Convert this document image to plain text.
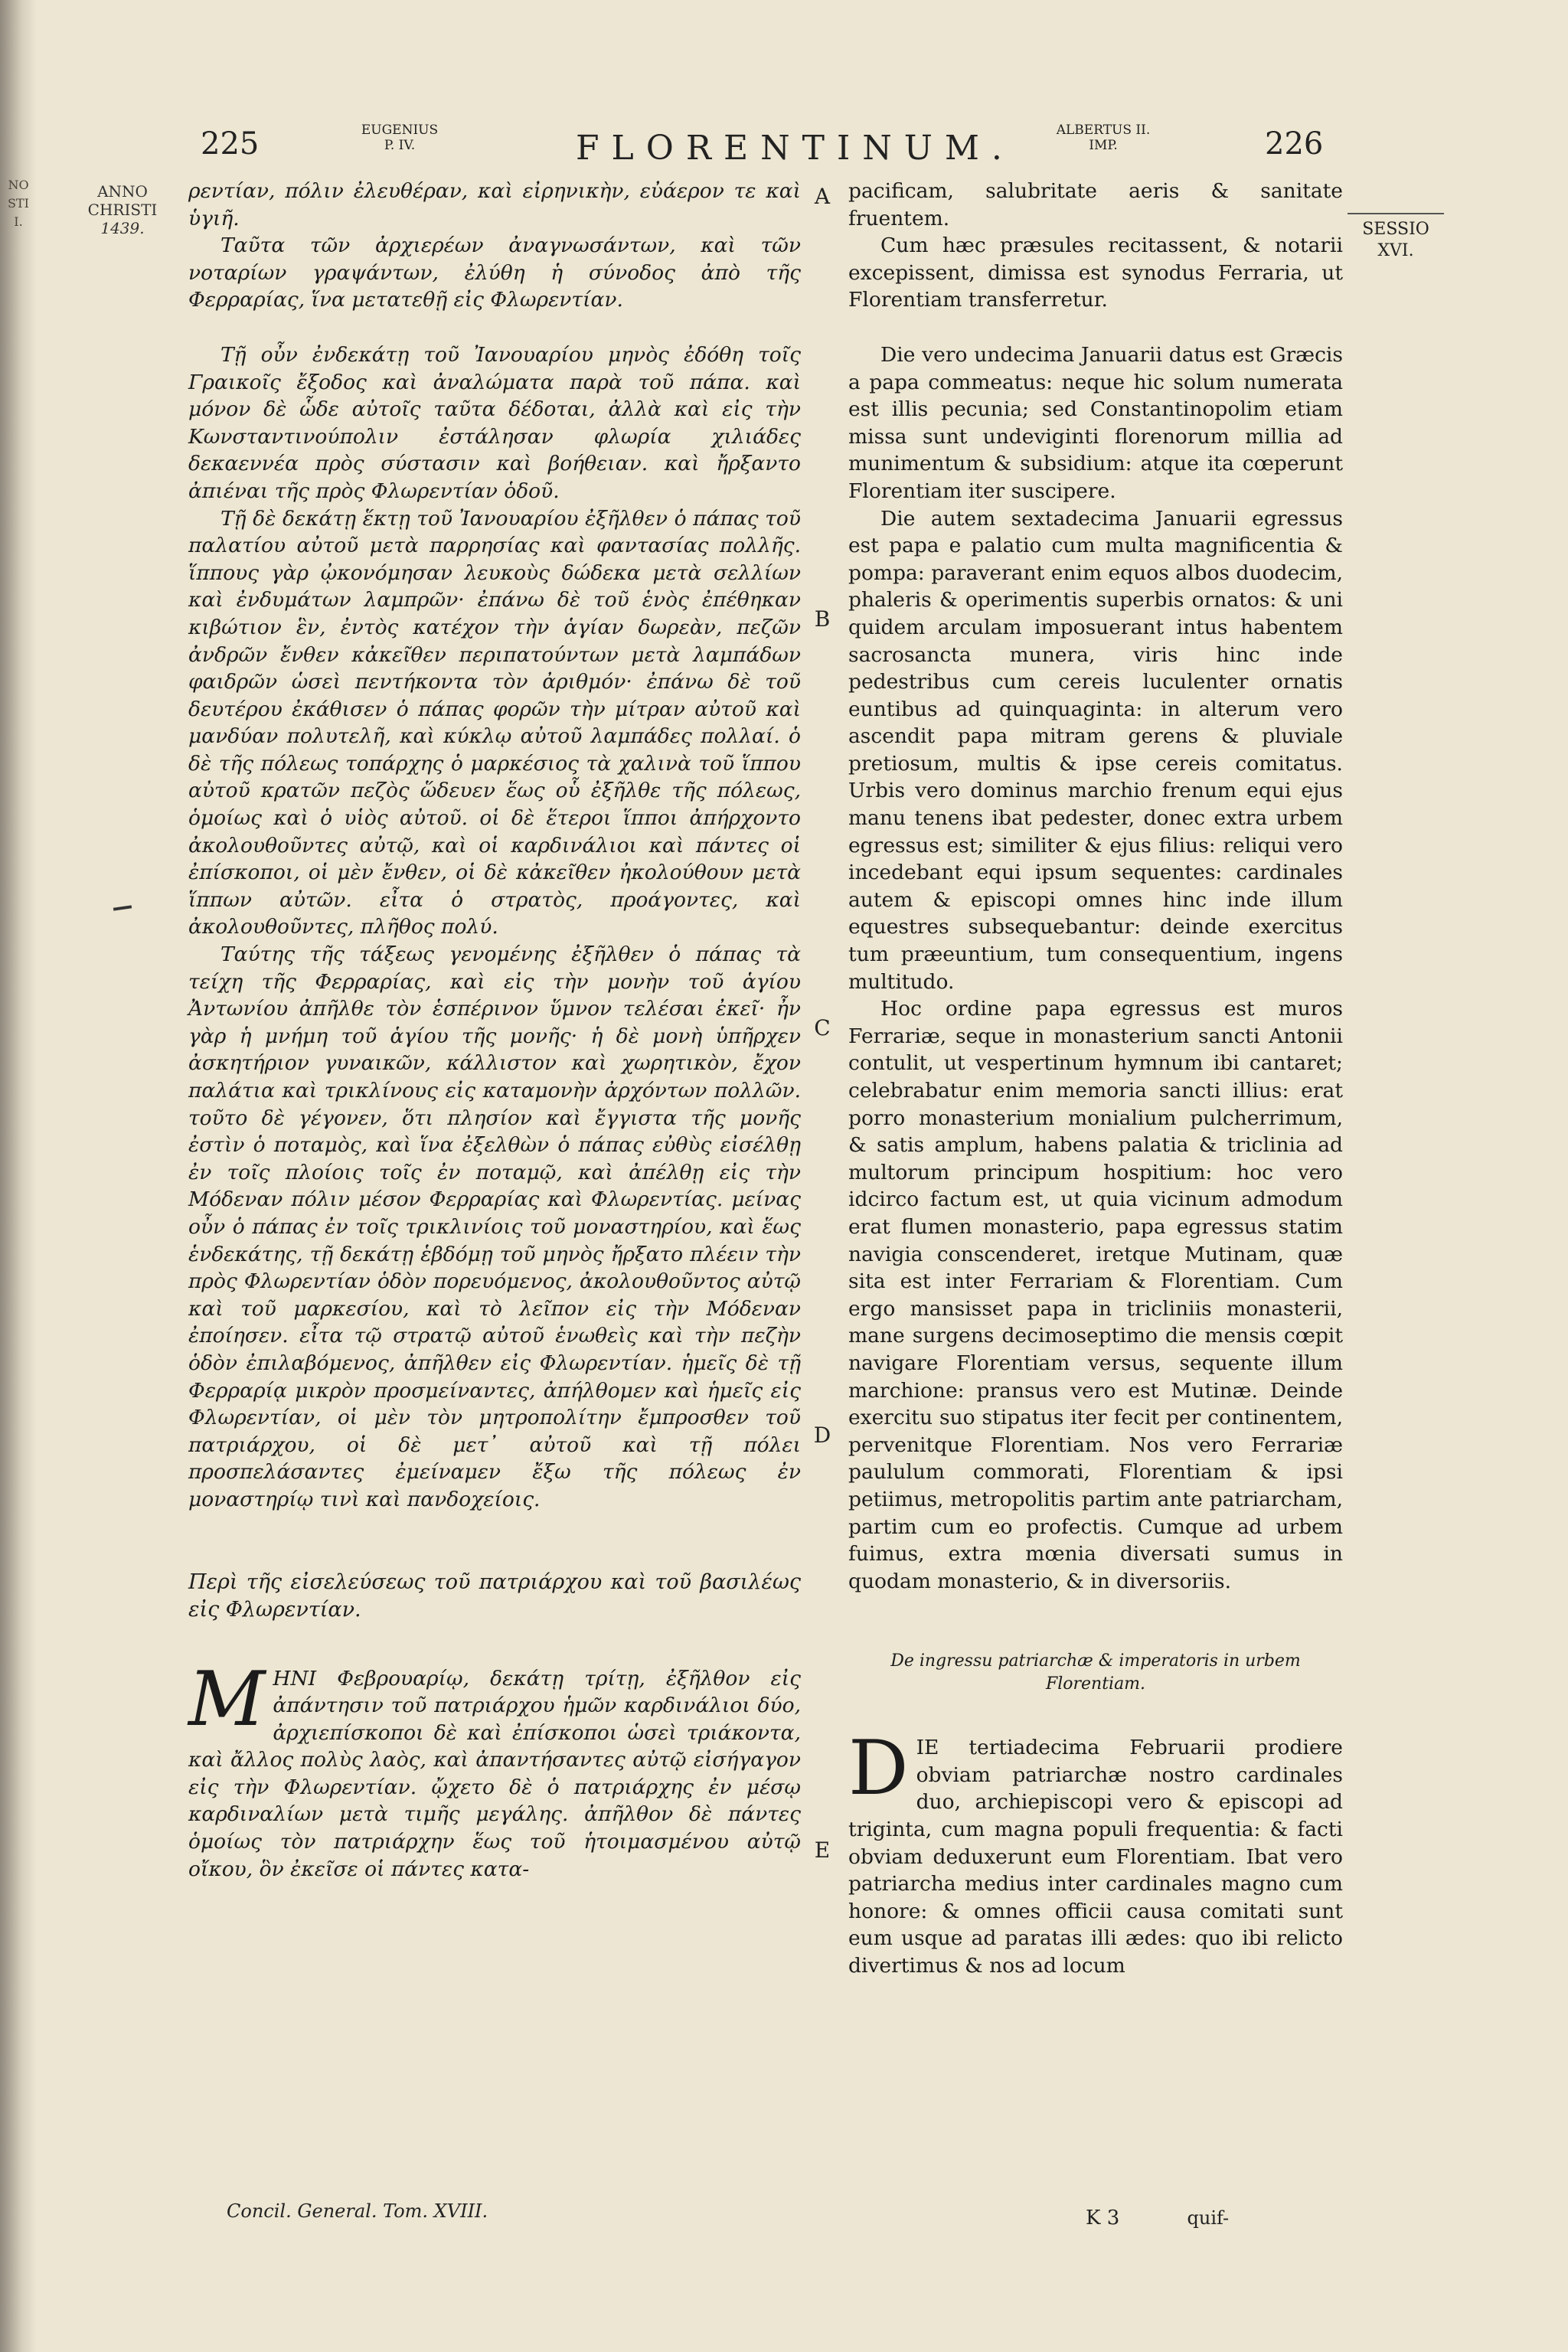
NO STI I.
225	EUGENIUS
P. IV.	FLORENTINUM.	ALBERTUS II.
IMP.	226
ANNO
CHRISTI
1439.	SESSIO
XVI.

ρεντίαν, πόλιν ἐλευθέραν, καὶ εἰρηνικὴν, εὐάερον τε καὶ ὑγιῆ.

Ταῦτα τῶν ἀρχιερέων ἀναγνωσάντων, καὶ τῶν νοταρίων γραψάντων, ἐλύθη ἡ σύνοδος ἀπὸ τῆς Φερραρίας, ἵνα μετατεθῇ εἰς Φλωρεντίαν.

Τῇ οὖν ἐνδεκάτῃ τοῦ Ἰανουαρίου μηνὸς ἐδόθη τοῖς Γραικοῖς ἔξοδος καὶ ἀναλώματα παρὰ τοῦ πάπα. καὶ μόνον δὲ ὧδε αὐτοῖς ταῦτα δέδοται, ἀλλὰ καὶ εἰς τὴν Κωνσταντινούπολιν ἐστάλησαν φλωρία χιλιάδες δεκαεννέα πρὸς σύστασιν καὶ βοήθειαν. καὶ ἤρξαντο ἀπιέναι τῆς πρὸς Φλωρεντίαν ὁδοῦ.

Τῇ δὲ δεκάτῃ ἕκτῃ τοῦ Ἰανουαρίου ἐξῆλθεν ὁ πάπας τοῦ παλατίου αὐτοῦ μετὰ παρρησίας καὶ φαντασίας πολλῆς. ἵππους γὰρ ᾠκονόμησαν λευκοὺς δώδεκα μετὰ σελλίων καὶ ἐνδυμάτων λαμπρῶν· ἐπάνω δὲ τοῦ ἑνὸς ἐπέθηκαν κιβώτιον ἓν, ἐντὸς κατέχον τὴν ἁγίαν δωρεὰν, πεζῶν ἀνδρῶν ἔνθεν κἀκεῖθεν περιπατούντων μετὰ λαμπάδων φαιδρῶν ὡσεὶ πεντήκοντα τὸν ἀριθμόν· ἐπάνω δὲ τοῦ δευτέρου ἐκάθισεν ὁ πάπας φορῶν τὴν μίτραν αὐτοῦ καὶ μανδύαν πολυτελῆ, καὶ κύκλῳ αὐτοῦ λαμπάδες πολλαί. ὁ δὲ τῆς πόλεως τοπάρχης ὁ μαρκέσιος τὰ χαλινὰ τοῦ ἵππου αὐτοῦ κρατῶν πεζὸς ὥδευεν ἕως οὗ ἐξῆλθε τῆς πόλεως, ὁμοίως καὶ ὁ υἱὸς αὐτοῦ. οἱ δὲ ἕτεροι ἵπποι ἀπήρχοντο ἀκολουθοῦντες αὐτῷ, καὶ οἱ καρδινάλιοι καὶ πάντες οἱ ἐπίσκοποι, οἱ μὲν ἔνθεν, οἱ δὲ κἀκεῖθεν ἠκολούθουν μετὰ ἵππων αὐτῶν. εἶτα ὁ στρατὸς, προάγοντες, καὶ ἀκολουθοῦντες, πλῆθος πολύ.

Ταύτης τῆς τάξεως γενομένης ἐξῆλθεν ὁ πάπας τὰ τείχη τῆς Φερραρίας, καὶ εἰς τὴν μονὴν τοῦ ἁγίου Ἀντωνίου ἀπῆλθε τὸν ἑσπέρινον ὕμνον τελέσαι ἐκεῖ· ἦν γὰρ ἡ μνήμη τοῦ ἁγίου τῆς μονῆς· ἡ δὲ μονὴ ὑπῆρχεν ἀσκητήριον γυναικῶν, κάλλιστον καὶ χωρητικὸν, ἔχον παλάτια καὶ τρικλίνους εἰς καταμονὴν ἀρχόντων πολλῶν. τοῦτο δὲ γέγονεν, ὅτι πλησίον καὶ ἔγγιστα τῆς μονῆς ἐστὶν ὁ ποταμὸς, καὶ ἵνα ἐξελθὼν ὁ πάπας εὐθὺς εἰσέλθῃ ἐν τοῖς πλοίοις τοῖς ἐν ποταμῷ, καὶ ἀπέλθῃ εἰς τὴν Μόδεναν πόλιν μέσον Φερραρίας καὶ Φλωρεντίας. μείνας οὖν ὁ πάπας ἐν τοῖς τρικλινίοις τοῦ μοναστηρίου, καὶ ἕως ἑνδεκάτης, τῇ δεκάτῃ ἑβδόμῃ τοῦ μηνὸς ἤρξατο πλέειν τὴν πρὸς Φλωρεντίαν ὁδὸν πορευόμενος, ἀκολουθοῦντος αὐτῷ καὶ τοῦ μαρκεσίου, καὶ τὸ λεῖπον εἰς τὴν Μόδεναν ἐποίησεν. εἶτα τῷ στρατῷ αὐτοῦ ἑνωθεὶς καὶ τὴν πεζὴν ὁδὸν ἐπιλαβόμενος, ἀπῆλθεν εἰς Φλωρεντίαν. ἡμεῖς δὲ τῇ Φερραρίᾳ μικρὸν προσμείναντες, ἀπήλθομεν καὶ ἡμεῖς εἰς Φλωρεντίαν, οἱ μὲν τὸν μητροπολίτην ἔμπροσθεν τοῦ πατριάρχου, οἱ δὲ μετ᾽ αὐτοῦ καὶ τῇ πόλει προσπελάσαντες ἐμείναμεν ἔξω τῆς πόλεως ἐν μοναστηρίῳ τινὶ καὶ πανδοχείοις.

Περὶ τῆς εἰσελεύσεως τοῦ πατριάρχου καὶ τοῦ βασιλέως εἰς Φλωρεντίαν.

MΗΝΙ Φεβρουαρίῳ, δεκάτῃ τρίτῃ, ἐξῆλθον εἰς ἀπάντησιν τοῦ πατριάρχου ἡμῶν καρδινάλιοι δύο, ἀρχιεπίσκοποι δὲ καὶ ἐπίσκοποι ὡσεὶ τριάκοντα, καὶ ἄλλος πολὺς λαὸς, καὶ ἀπαντήσαντες αὐτῷ εἰσήγαγον εἰς τὴν Φλωρεντίαν. ᾤχετο δὲ ὁ πατριάρχης ἐν μέσῳ καρδιναλίων μετὰ τιμῆς μεγάλης. ἀπῆλθον δὲ πάντες ὁμοίως τὸν πατριάρχην ἕως τοῦ ἡτοιμασμένου αὐτῷ οἴκου, ὃν ἐκεῖσε οἱ πάντες κατα-

A
B
C
D
E

pacificam, salubritate aeris & sanitate fruentem.

Cum hæc præsules recitassent, & notarii excepissent, dimissa est synodus Ferraria, ut Florentiam transferretur.

Die vero undecima Januarii datus est Græcis a papa commeatus: neque hic solum numerata est illis pecunia; sed Constantinopolim etiam missa sunt undeviginti florenorum millia ad munimentum & subsidium: atque ita cœperunt Florentiam iter suscipere.

Die autem sextadecima Januarii egressus est papa e palatio cum multa magnificentia & pompa: paraverant enim equos albos duodecim, phaleris & operimentis superbis ornatos: & uni quidem arculam imposuerant intus habentem sacrosancta munera, viris hinc inde pedestribus cum cereis luculenter ornatis euntibus ad quinquaginta: in alterum vero ascendit papa mitram gerens & pluviale pretiosum, multis & ipse cereis comitatus. Urbis vero dominus marchio frenum equi ejus manu tenens ibat pedester, donec extra urbem egressus est; similiter & ejus filius: reliqui vero incedebant equi ipsum sequentes: cardinales autem & episcopi omnes hinc inde illum equestres subsequebantur: deinde exercitus tum præeuntium, tum consequentium, ingens multitudo.

Hoc ordine papa egressus est muros Ferrariæ, seque in monasterium sancti Antonii contulit, ut vespertinum hymnum ibi cantaret; celebrabatur enim memoria sancti illius: erat porro monasterium monialium pulcherrimum, & satis amplum, habens palatia & triclinia ad multorum principum hospitium: hoc vero idcirco factum est, ut quia vicinum admodum erat flumen monasterio, papa egressus statim navigia conscenderet, iretque Mutinam, quæ sita est inter Ferrariam & Florentiam. Cum ergo mansisset papa in tricliniis monasterii, mane surgens decimoseptimo die mensis cœpit navigare Florentiam versus, sequente illum marchione: pransus vero est Mutinæ. Deinde exercitu suo stipatus iter fecit per continentem, pervenitque Florentiam. Nos vero Ferrariæ paululum commorati, Florentiam & ipsi petiimus, metropolitis partim ante patriarcham, partim cum eo profectis. Cumque ad urbem fuimus, extra mœnia diversati sumus in quodam monasterio, & in diversoriis.

De ingressu patriarchæ & imperatoris in urbem Florentiam.

DIE tertiadecima Februarii prodiere obviam patriarchæ nostro cardinales duo, archiepiscopi vero & episcopi ad triginta, cum magna populi frequentia: & facti obviam deduxerunt eum Florentiam. Ibat vero patriarcha medius inter cardinales magno cum honore: & omnes officii causa comitati sunt eum usque ad paratas illi ædes: quo ibi relicto divertimus & nos ad locum

Concil. General. Tom. XVIII.	K 3	quif-
